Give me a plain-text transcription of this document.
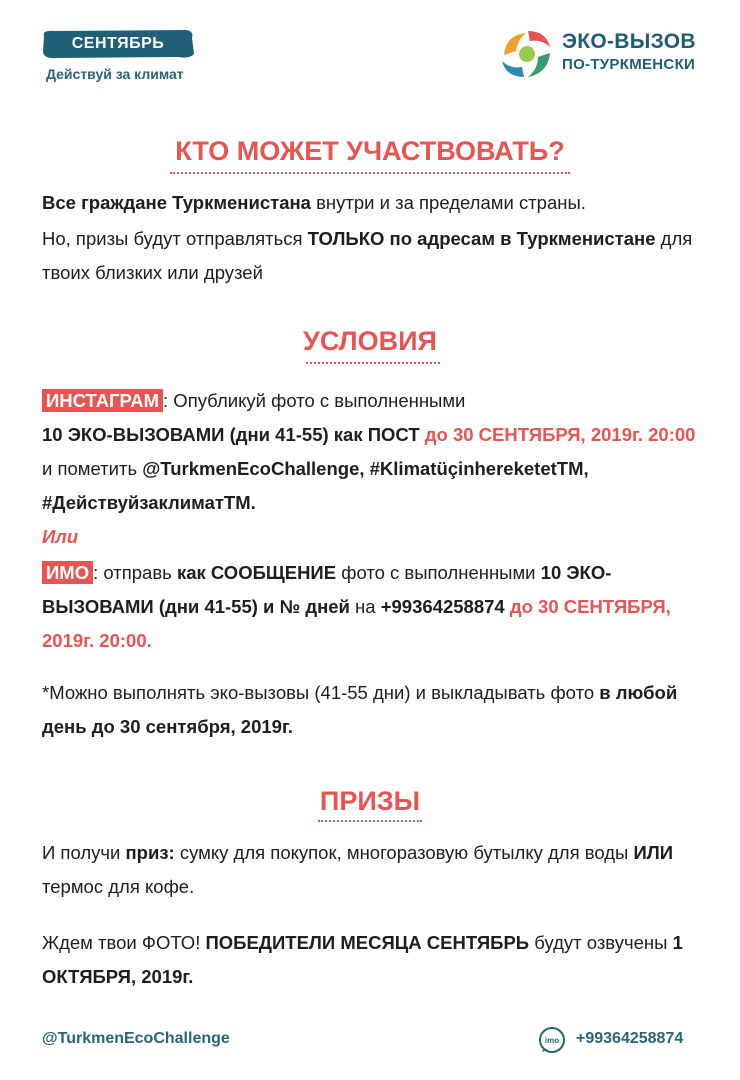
СЕНТЯБРЬ
Действуй за климат
ЭКО-ВЫЗОВ
ПО-ТУРКМЕНСКИ
КТО МОЖЕТ УЧАСТВОВАТЬ?
Все граждане Туркменистана внутри и за пределами страны.
Но, призы будут отправляться ТОЛЬКО по адресам в Туркменистане для твоих близких или друзей
УСЛОВИЯ
ИНСТАГРАМ : Опубликуй фото с выполненными
10 ЭКО-ВЫЗОВАМИ (дни 41-55) как ПОСТ до 30 СЕНТЯБРЯ, 2019г. 20:00 и пометить @TurkmenEcoChallenge, #KlimatüçinhereketetTM, #ДействуйзаклиматTM.
Или
ИМО : отправь как СООБЩЕНИЕ фото с выполненными 10 ЭКО-ВЫЗОВАМИ (дни 41-55) и № дней на +99364258874 до 30 СЕНТЯБРЯ, 2019г. 20:00.
*Можно выполнять эко-вызовы (41-55 дни) и выкладывать фото в любой день до 30 сентября, 2019г.
ПРИЗЫ
И получи приз: сумку для покупок, многоразовую бутылку для воды ИЛИ термос для кофе.
Ждем твои ФОТО! ПОБЕДИТЕЛИ МЕСЯЦА СЕНТЯБРЬ будут озвучены 1 ОКТЯБРЯ, 2019г.
@TurkmenEcoChallenge	imo +99364258874
